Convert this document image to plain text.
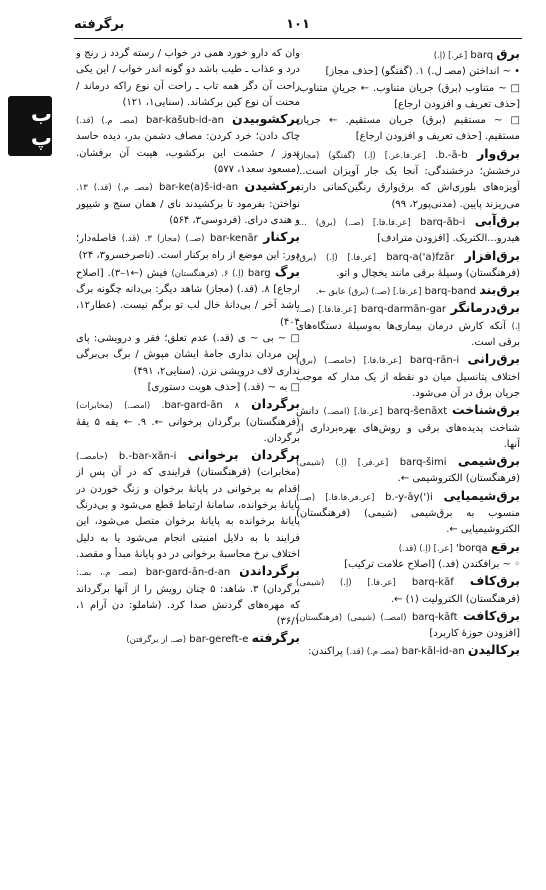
۱۰۱
برگرفته
ب پ

برق barq [عر.] (اِ.)

• ~ انداختن (مصـ ل.) ۱. (گفتگو) [حذف مجاز]

□ ~ متناوب (برق) جریان متناوب. ← جریانِ متناوب. [حذف تعریف و افزودن ارجاع]

□ ~ مستقیم (برق) جریان مستقیم. ← جریان مستقیم. [حذف تعریف و افزودن ارجاع]

برق‌وار b.-ā-b. [عر.فا.عر.] (اِ.) (گفتگو) (مجاز) درخشش؛ درخشندگی: آنجا یک جار آویزان است... آویزه‌های بلوری‌اش که برق‌وارق رنگین‌کمانی دارند می‌ریزند پایین. (مدنی‌پور۲، ۹۹)

برق‌آبی barq-āb-i [عر.فا.فا.] (صـ.) (برق) ...؛ هیدرو...الکتریک. [افزودن مترادف]

برق‌افزار barq-a('a)fzār [عر.فا.] (اِ.) (برق) (فرهنگستان) وسیلهٔ برقی مانند یخچال و اتو.

برق‌بند barq-band [عر.فا.] (صـ.) (برق) عایق ←.

برق‌درمانگر barq-darmān-gar [عر.فا.فا.] (صـ.، اِ.) آنکه کارش درمان بیماری‌ها به‌وسیلهٔ دستگاه‌های برقی است.

برق‌رانی barq-rān-i [عر.فا.فا.] (حامصـ.) (برق) اختلاف پتانسیل میان دو نقطه از یک مدار که موجب جریان برق در آن می‌شود.

برق‌شناخت barq-šenāxt [عر.فا.] (امصـ.) دانش شناخت پدیده‌های برقی و روش‌های بهره‌برداری از آنها.

برق‌شیمی barq-šimi [عر.فر.] (اِ.) (شیمی) (فرهنگستان) الکتروشیمی ←.

برق‌شیمیایی b.-y-āy(')i [عر.فر.فا.فا.] (صـ.) منسوب به برق‌شیمی (شیمی) (فرهنگستان) الکتروشیمیایی ←.

برقع borqa' [عر.] (اِ.) (قد.)

◦ ~ برافکندن (فد.) [اصلاح علامت ترکیب]

برق‌کاف barq-kāf [عر.فا.] (اِ.) (شیمی) (فرهنگستان) الکترولیت (۱) ←.

برق‌کافت barq-kāft (امصـ.) (شیمی) (فرهنگستان) [افزودن حوزهٔ کاربرد]

برکالیدن bar-kāl-id-an (مصـ م.) (قد.) پراکندن:

وان که دارو خورد همی در خواب / رسته گردد ز رنج و درد و عذاب ـ طیب باشد دو گونه اندر خواب / این یکی راحت آن دگر همه تاب ـ راحت آن نوع راکه درماند / محنت آن نوع کین برکشاند. (سنایی۱، ۱۲۱)

برکشوبیدن bar-kašub-id-an (مصـ م.) (قد.) چاک دادن؛ خرد کردن: مصاف دشمن بدر، دیده حاسد بدوز / حشمت این برکشوب، هیبت آن برفشان. (مسعود سعد۱، ۵۷۷)

برکشیدن bar-ke(a)š-id-an (مصـ م.) (قد.) ۱۳. نواختن: بفرمود تا برکشیدند نای / همان سنج و شیپور و هندی درای. (فردوسی۳، ۵۶۴)

برکنار bar-kenār (صـ.) (مجاز) ۳. (قد.) فاصله‌دار؛ دور: این موضع از راه برکنار است. (ناصرخسرو۳، ۲۴)

برگ barg (اِ.) ۶. (فرهنگستان) فیش (←۱–۳). [اصلاح ارجاع] ۸. (قد.) (مجاز) شاهد دیگر: بی‌دانه چگونه برگ باشد آخر / بی‌دانهٔ خال لب تو برگم نیست. (عطار۱۲، ۴۰۴)

□ ~ بی ~ ی (قد.) عدم تعلق؛ فقر و درویشی: پای این مردان نداری جامهٔ ایشان مپوش / برگ بی‌برگی نداری لاف درویشی نزن. (سنایی۲، ۴۹۱)

□ به ~ (قد.) [حذف هویت دستوری]

برگردان bar-gard-ān ۸. (امصـ.) (مخابرات) (فرهنگستان) برگردان برخوانی ←. ۹. ← یقه ۵ یقهٔ برگردان.

برگردان برخوانی b.-bar-xān-i (حامصـ.) (مخابرات) (فرهنگستان) فرایندی که در آن پس از اقدام به برخوانی در پایانهٔ برخوان و زنگ خوردن در پایانهٔ برخوانده، سامانهٔ ارتباط قطع می‌شود و بی‌درنگ پایانهٔ برخوانده به پایانهٔ برخوان متصل می‌شود، این فرایند با به دلایل امنیتی انجام می‌شود یا به دلیل اختلاف نرخ محاسبهٔ برخوانی در دو پایانهٔ مبدأ و مقصد.

برگرداندن bar-gard-ān-d-an (مصـ م.، بمـ.: برگردان) ۳. شاهد: ۵ چنان رویش را از آنها برگرداند که مهره‌های گردنش صدا کرد. (شاملو: دن آرام ۱، ۳۶/۱)

برگرفته bar-gereft-e (صـ. از برگرفتن)
